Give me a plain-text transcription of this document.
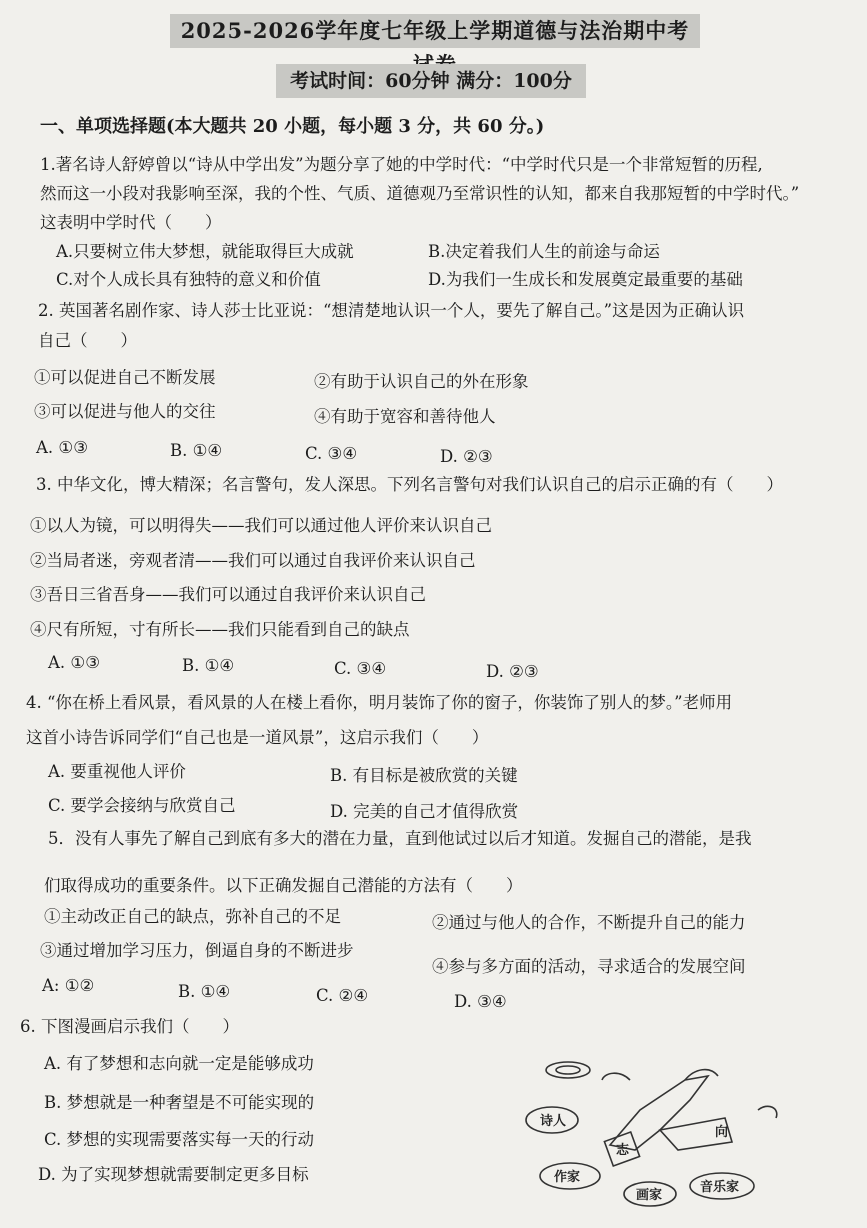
2025-2026学年度七年级上学期道德与法治期中考
考试时间：60分钟 满分：100分
一、单项选择题(本大题共 20 小题，每小题 3 分，共 60 分。)
1.著名诗人舒婷曾以“诗从中学出发”为题分享了她的中学时代：“中学时代只是一个非常短暂的历程,
然而这一小段对我影响至深，我的个性、气质、道德观乃至常识性的认知，都来自我那短暂的中学时代。”
这表明中学时代（　　）
A.只要树立伟大梦想，就能取得巨大成就	B.决定着我们人生的前途与命运
C.对个人成长具有独特的意义和价值	D.为我们一生成长和发展奠定最重要的基础
2. 英国著名剧作家、诗人莎士比亚说：“想清楚地认识一个人，要先了解自己。”这是因为正确认识
自己（　　）
①可以促进自己不断发展	②有助于认识自己的外在形象
③可以促进与他人的交往	④有助于宽容和善待他人
A. ①③	B. ①④	C. ③④	D. ②③
3. 中华文化，博大精深；名言警句，发人深思。下列名言警句对我们认识自己的启示正确的有（　　）
①以人为镜，可以明得失——我们可以通过他人评价来认识自己
②当局者迷，旁观者清——我们可以通过自我评价来认识自己
③吾日三省吾身——我们可以通过自我评价来认识自己
④尺有所短，寸有所长——我们只能看到自己的缺点
A. ①③	B. ①④	C. ③④	D. ②③
4. “你在桥上看风景，看风景的人在楼上看你，明月装饰了你的窗子，你装饰了别人的梦。”老师用
这首小诗告诉同学们“自己也是一道风景”，这启示我们（　　）
A. 要重视他人评价	B. 有目标是被欣赏的关键
C. 要学会接纳与欣赏自己	D. 完美的自己才值得欣赏
5．没有人事先了解自己到底有多大的潜在力量，直到他试过以后才知道。发掘自己的潜能，是我
们取得成功的重要条件。以下正确发掘自己潜能的方法有（　　）
①主动改正自己的缺点，弥补自己的不足	②通过与他人的合作，不断提升自己的能力
③通过增加学习压力，倒逼自身的不断进步
④参与多方面的活动，寻求适合的发展空间
A: ①②	B. ①④	C. ②④	D. ③④
6. 下图漫画启示我们（　　）
A. 有了梦想和志向就一定是能够成功
B. 梦想就是一种奢望是不可能实现的
C. 梦想的实现需要落实每一天的行动
D. 为了实现梦想就需要制定更多目标
诗人
作家
画家
音乐家
志
向
